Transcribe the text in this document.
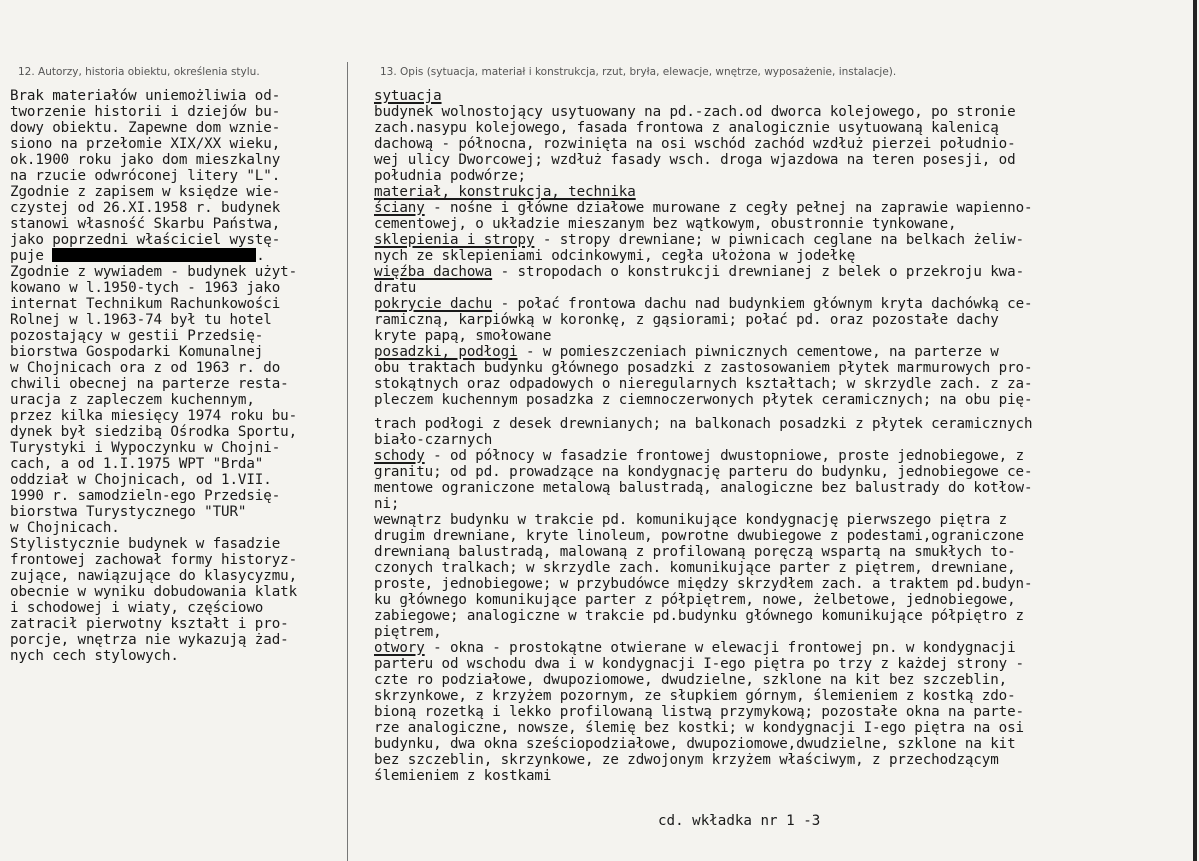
12. Autorzy, historia obiektu, określenia stylu.	13. Opis (sytuacja, materiał i konstrukcja, rzut, bryła, elewacje, wnętrze, wyposażenie, instalacje).
Brak materiałów uniemożliwia od-
tworzenie historii i dziejów bu-
dowy obiektu. Zapewne dom wznie-
siono na przełomie XIX/XX wieku,
ok.1900 roku jako dom mieszkalny
na rzucie odwróconej litery "L".
Zgodnie z zapisem w księdze wie-
czystej od 26.XI.1958 r. budynek
stanowi własność Skarbu Państwa,
jako poprzedni właściciel wystę-
puje	.
Zgodnie z wywiadem - budynek użyt-
kowano w l.1950-tych - 1963 jako
internat Technikum Rachunkowości
Rolnej w l.1963-74 był tu hotel
pozostający w gestii Przedsię-
biorstwa Gospodarki Komunalnej
w Chojnicach ora z od 1963 r. do
chwili obecnej na parterze resta-
uracja z zapleczem kuchennym,
przez kilka miesięcy 1974 roku bu-
dynek był siedzibą Ośrodka Sportu,
Turystyki i Wypoczynku w Chojni-
cach, a od 1.I.1975 WPT "Brda"
oddział w Chojnicach, od 1.VII.
1990 r. samodzieln-ego Przedsię-
biorstwa Turystycznego "TUR"
w Chojnicach.
Stylistycznie budynek w fasadzie
frontowej zachował formy historyz-
zujące, nawiązujące do klasycyzmu,
obecnie w wyniku dobudowania klatk
i schodowej i wiaty, częściowo
zatracił pierwotny kształt i pro-
porcje, wnętrza nie wykazują żad-
nych cech stylowych.
sytuacja
budynek wolnostojący usytuowany na pd.-zach.od dworca kolejowego, po stronie
zach.nasypu kolejowego, fasada frontowa z analogicznie usytuowaną kalenicą
dachową - północna, rozwinięta na osi wschód zachód wzdłuż pierzei południo-
wej ulicy Dworcowej; wzdłuż fasady wsch. droga wjazdowa na teren posesji, od
południa podwórze;
materiał, konstrukcja, technika
ściany - nośne i główne działowe murowane z cegły pełnej na zaprawie wapienno-
cementowej, o układzie mieszanym bez wątkowym, obustronnie tynkowane,
sklepienia i stropy - stropy drewniane; w piwnicach ceglane na belkach żeliw-
nych ze sklepieniami odcinkowymi, cegła ułożona w jodełkę
więźba dachowa - stropodach o konstrukcji drewnianej z belek o przekroju kwa-
dratu
pokrycie dachu - połać frontowa dachu nad budynkiem głównym kryta dachówką ce-
ramiczną, karpiówką w koronkę, z gąsiorami; połać pd. oraz pozostałe dachy
kryte papą, smołowane
posadzki, podłogi - w pomieszczeniach piwnicznych cementowe, na parterze w
obu traktach budynku głównego posadzki z zastosowaniem płytek marmurowych pro-
stokątnych oraz odpadowych o nieregularnych kształtach; w skrzydle zach. z za-
pleczem kuchennym posadzka z ciemnoczerwonych płytek ceramicznych; na obu pię-
trach podłogi z desek drewnianych; na balkonach posadzki z płytek ceramicznych
biało-czarnych
schody - od północy w fasadzie frontowej dwustopniowe, proste jednobiegowe, z
granitu; od pd. prowadzące na kondygnację parteru do budynku, jednobiegowe ce-
mentowe ograniczone metalową balustradą, analogiczne bez balustrady do kotłow-
ni;
wewnątrz budynku w trakcie pd. komunikujące kondygnację pierwszego piętra z
drugim drewniane, kryte linoleum, powrotne dwubiegowe z podestami,ograniczone
drewnianą balustradą, malowaną z profilowaną poręczą wspartą na smukłych to-
czonych tralkach; w skrzydle zach. komunikujące parter z piętrem, drewniane,
proste, jednobiegowe; w przybudówce między skrzydłem zach. a traktem pd.budyn-
ku głównego komunikujące parter z półpiętrem, nowe, żelbetowe, jednobiegowe,
zabiegowe; analogiczne w trakcie pd.budynku głównego komunikujące półpiętro z
piętrem,
otwory - okna - prostokątne otwierane w elewacji frontowej pn. w kondygnacji
parteru od wschodu dwa i w kondygnacji I-ego piętra po trzy z każdej strony -
czte ro podziałowe, dwupoziomowe, dwudzielne, szklone na kit bez szczeblin,
skrzynkowe, z krzyżem pozornym, ze słupkiem górnym, ślemieniem z kostką zdo-
bioną rozetką i lekko profilowaną listwą przymykową; pozostałe okna na parte-
rze analogiczne, nowsze, ślemię bez kostki; w kondygnacji I-ego piętra na osi
budynku, dwa okna sześciopodziałowe, dwupoziomowe,dwudzielne, szklone na kit
bez szczeblin, skrzynkowe, ze zdwojonym krzyżem właściwym, z przechodzącym
ślemieniem z kostkami
cd. wkładka nr 1 -3
